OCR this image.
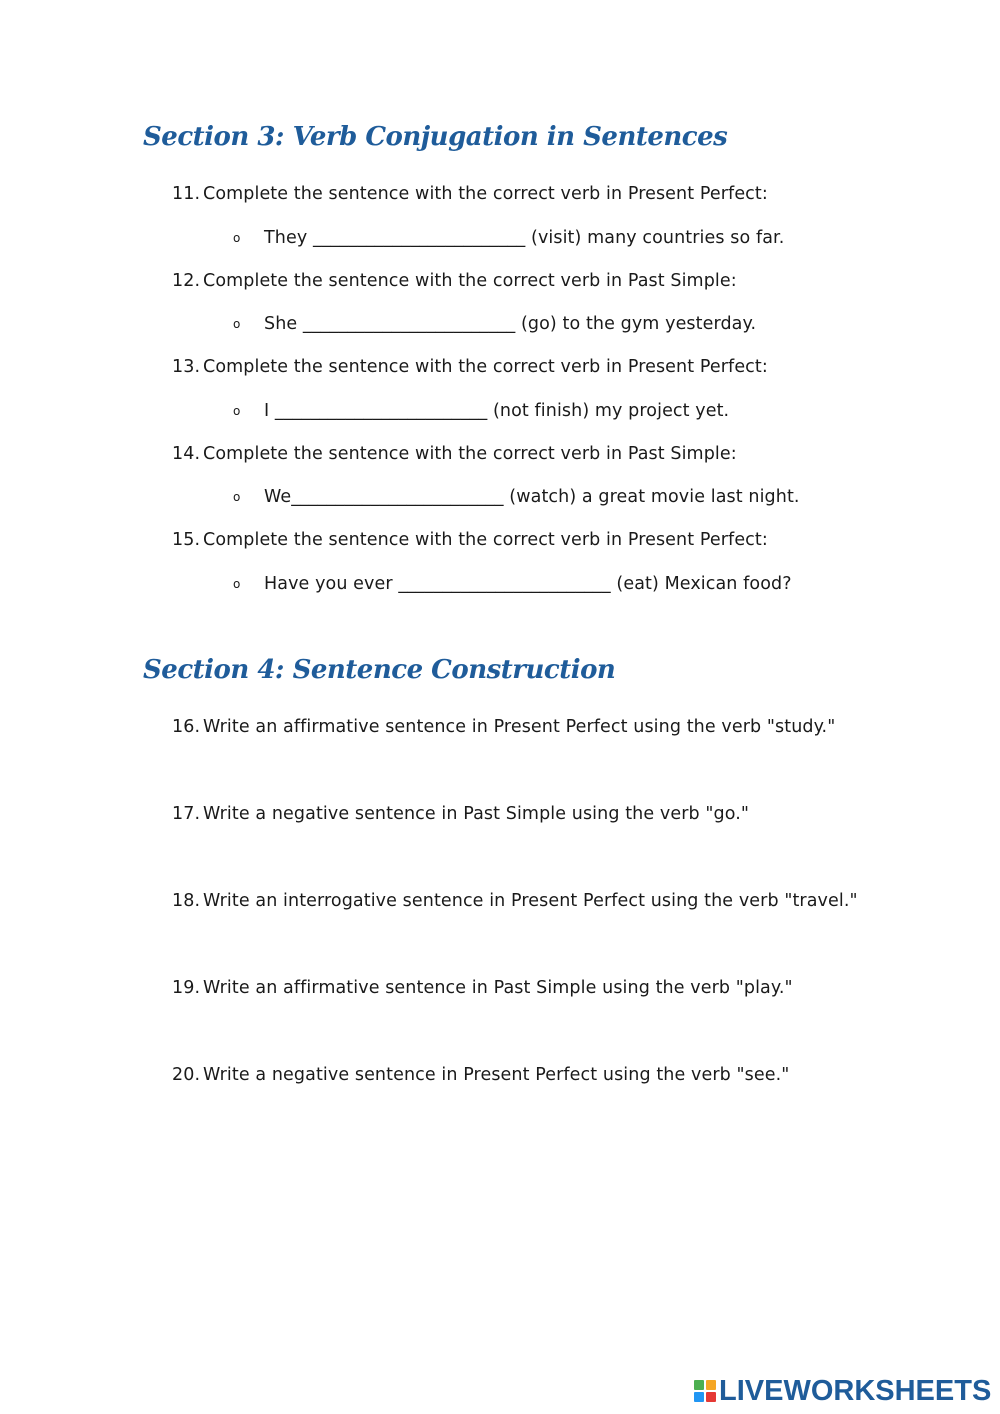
Section 3: Verb Conjugation in Sentences
11. Complete the sentence with the correct verb in Present Perfect:
o They ________________________ (visit) many countries so far.
12. Complete the sentence with the correct verb in Past Simple:
o She ________________________ (go) to the gym yesterday.
13. Complete the sentence with the correct verb in Present Perfect:
o I ________________________ (not finish) my project yet.
14. Complete the sentence with the correct verb in Past Simple:
o We________________________ (watch) a great movie last night.
15. Complete the sentence with the correct verb in Present Perfect:
o Have you ever ________________________ (eat) Mexican food?
Section 4: Sentence Construction
16. Write an affirmative sentence in Present Perfect using the verb "study."
17. Write a negative sentence in Past Simple using the verb "go."
18. Write an interrogative sentence in Present Perfect using the verb "travel."
19. Write an affirmative sentence in Past Simple using the verb "play."
20. Write a negative sentence in Present Perfect using the verb "see."
LIVEWORKSHEETS
